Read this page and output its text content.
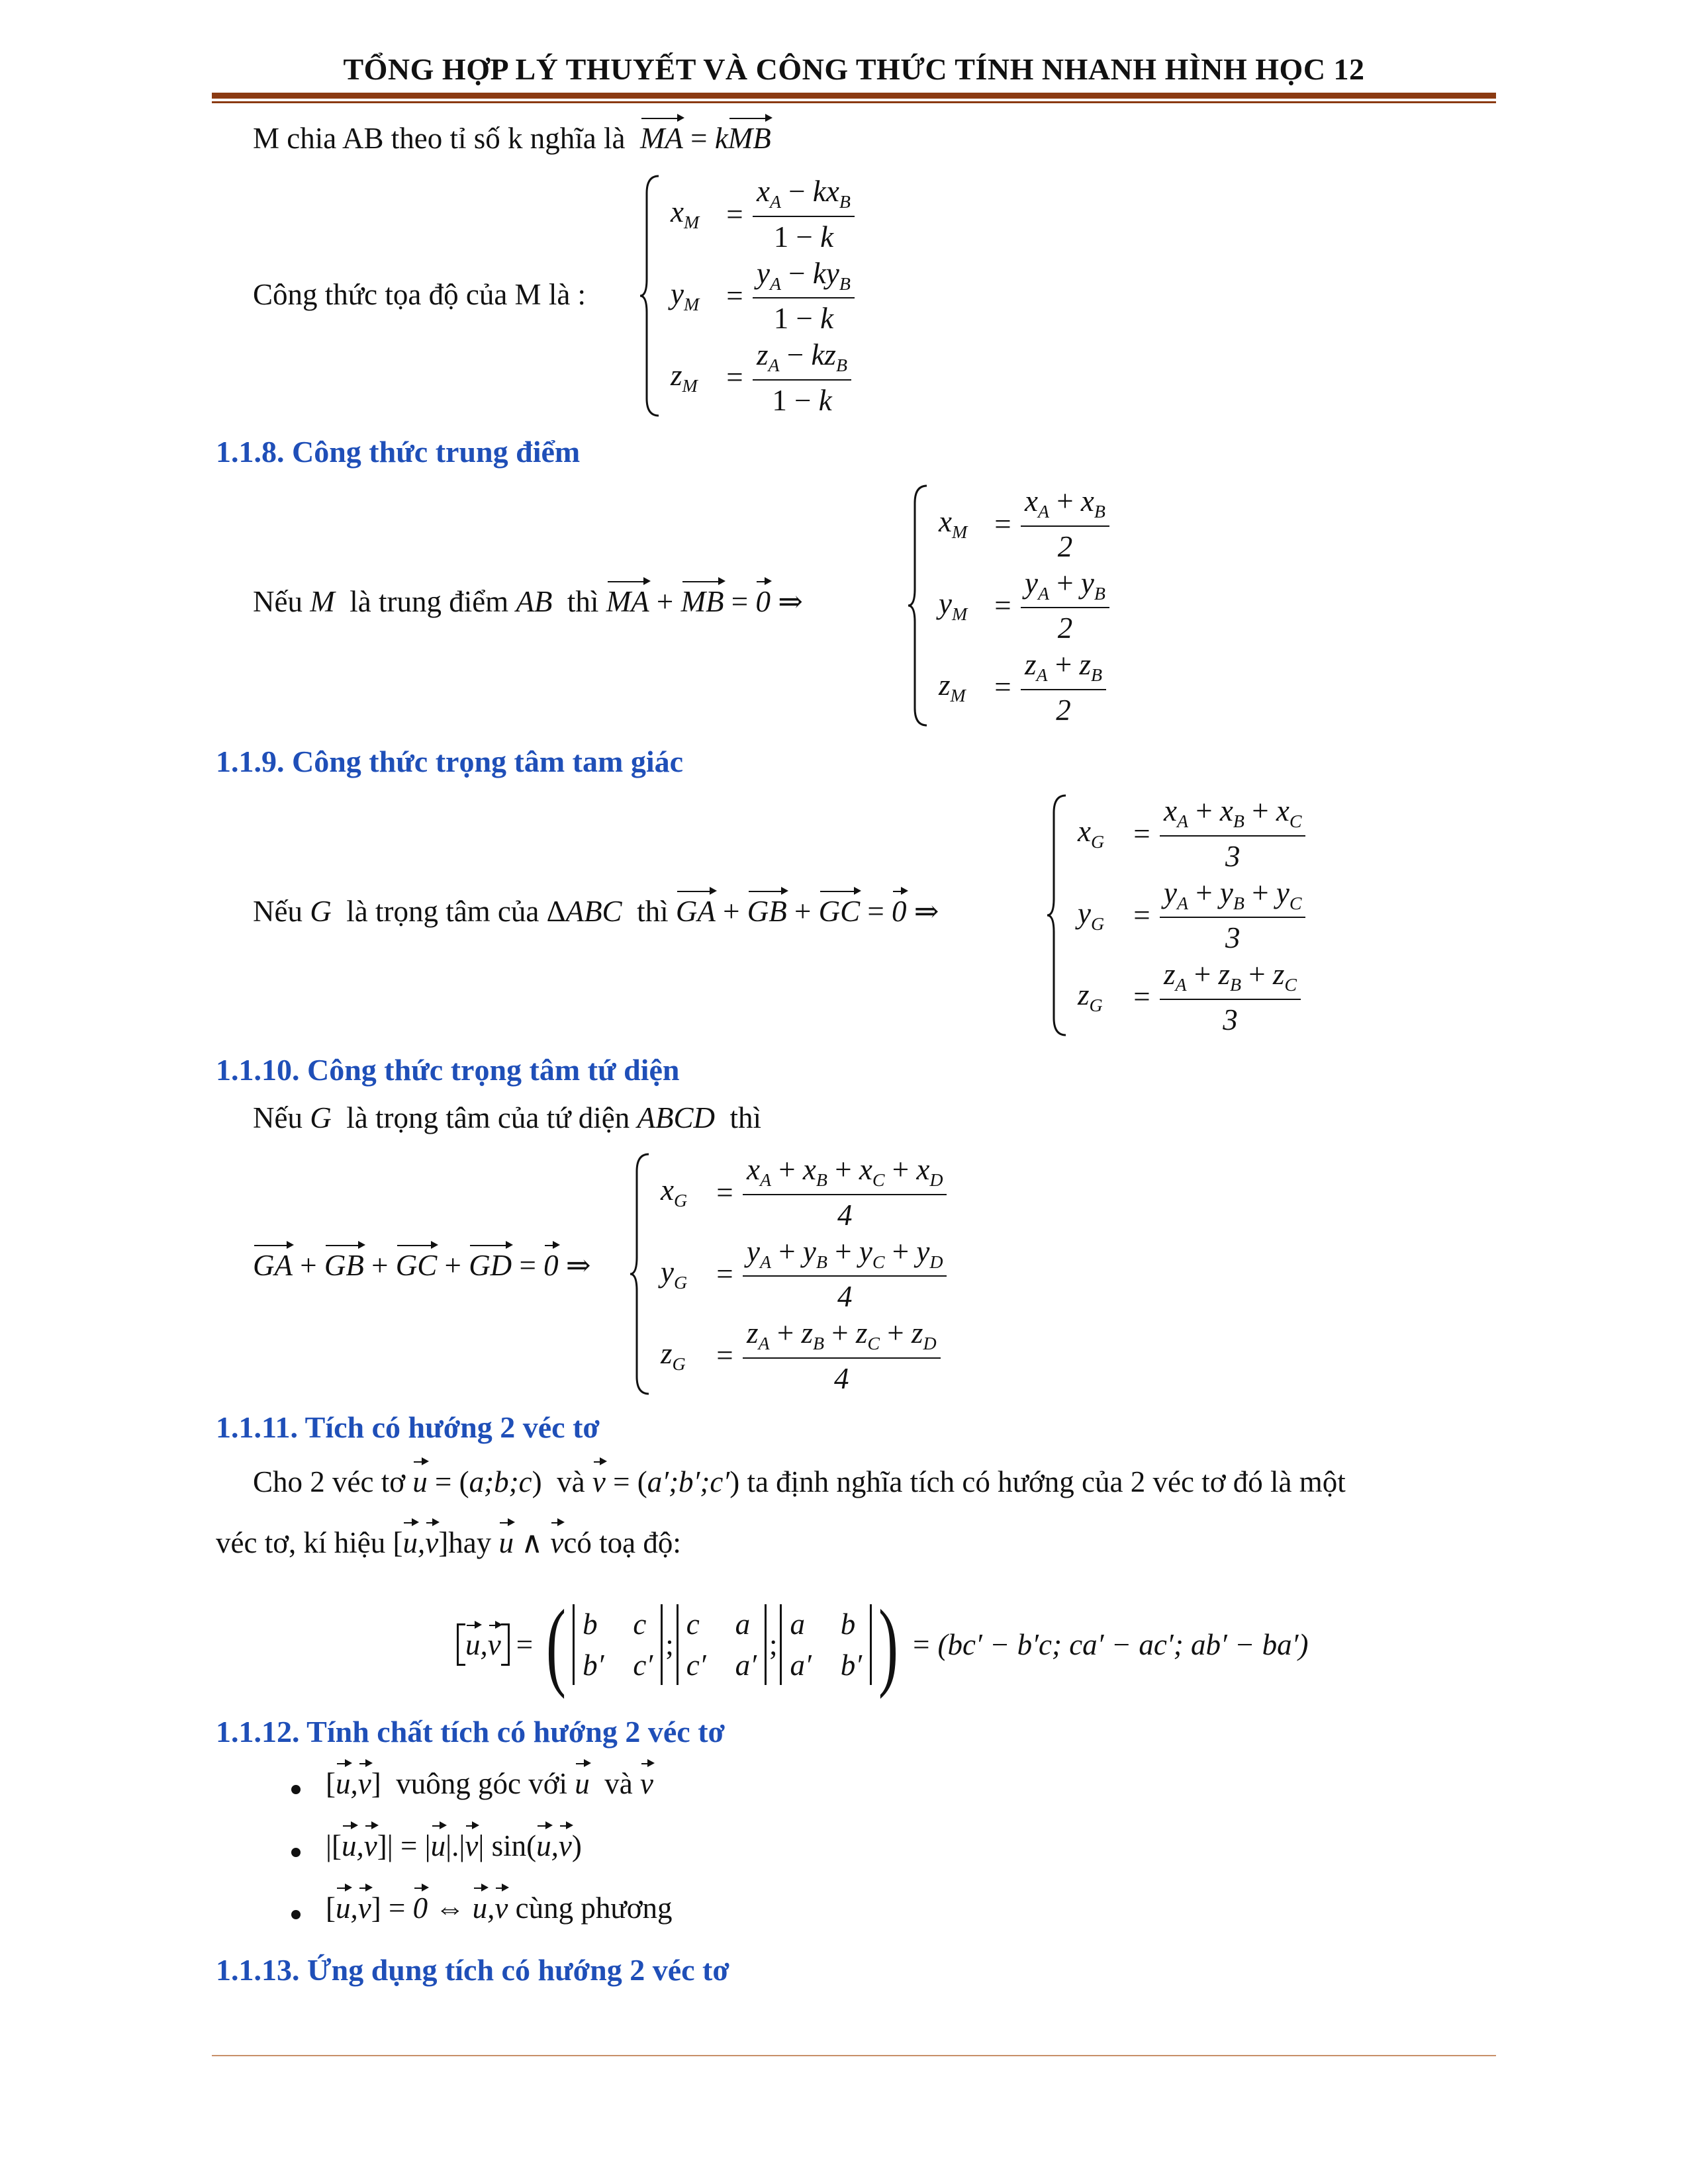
TỔNG HỢP LÝ THUYẾT VÀ CÔNG THỨC TÍNH NHANH HÌNH HỌC 12
M chia AB theo tỉ số k nghĩa là MA = kMB
Công thức tọa độ của M là :
$x_M = \frac{x_A - kx_B}{1 - k}$
$y_M = \frac{y_A - ky_B}{1 - k}$
$z_M = \frac{z_A - kz_B}{1 - k}$
1.1.8. Công thức trung điểm
Nếu M là trung điểm AB thì MA + MB = 0 ⇒
$x_M = \frac{x_A + x_B}{2}$
$y_M = \frac{y_A + y_B}{2}$
$z_M = \frac{z_A + z_B}{2}$
1.1.9. Công thức trọng tâm tam giác
Nếu G là trọng tâm của ΔABC thì GA + GB + GC = 0 ⇒
$x_G = \frac{x_A + x_B + x_C}{3}$
$y_G = \frac{y_A + y_B + y_C}{3}$
$z_G$	= $\frac{z_A + z_B + z_C}{3}$
1.1.10. Công thức trọng tâm tứ diện
Nếu G là trọng tâm của tứ diện ABCD thì
GA + GB + GC + GD = 0 ⇒
$x_G = \frac{x_A + x_B + x_C + x_D}{4}$
$y_G = \frac{y_A + y_B + y_C + y_D}{4}$
$z_G$	= $\frac{z_A + z_B + z_C + z_D}{4}$
1.1.11. Tích có hướng 2 véc tơ
Cho 2 véc tơ u = (a;b;c) và v = (a′;b′;c′) ta định nghĩa tích có hướng của 2 véc tơ đó là một
véc tơ, kí hiệu [u,v]hay u ∧ vcó toạ độ:
u , v = ( b c
b′ c′
;
c a
c′ a′
;
a b
a′ b′ ) = (bc′ − b′c; ca′ − ac′; ab′ − ba′)
1.1.12. Tính chất tích có hướng 2 véc tơ
[u,v] vuông góc với u và v
|[u,v]| = |u|.|v| sin(u,v)
[u,v] = 0 ⇔ u,v cùng phương
1.1.13. Ứng dụng tích có hướng 2 véc tơ
